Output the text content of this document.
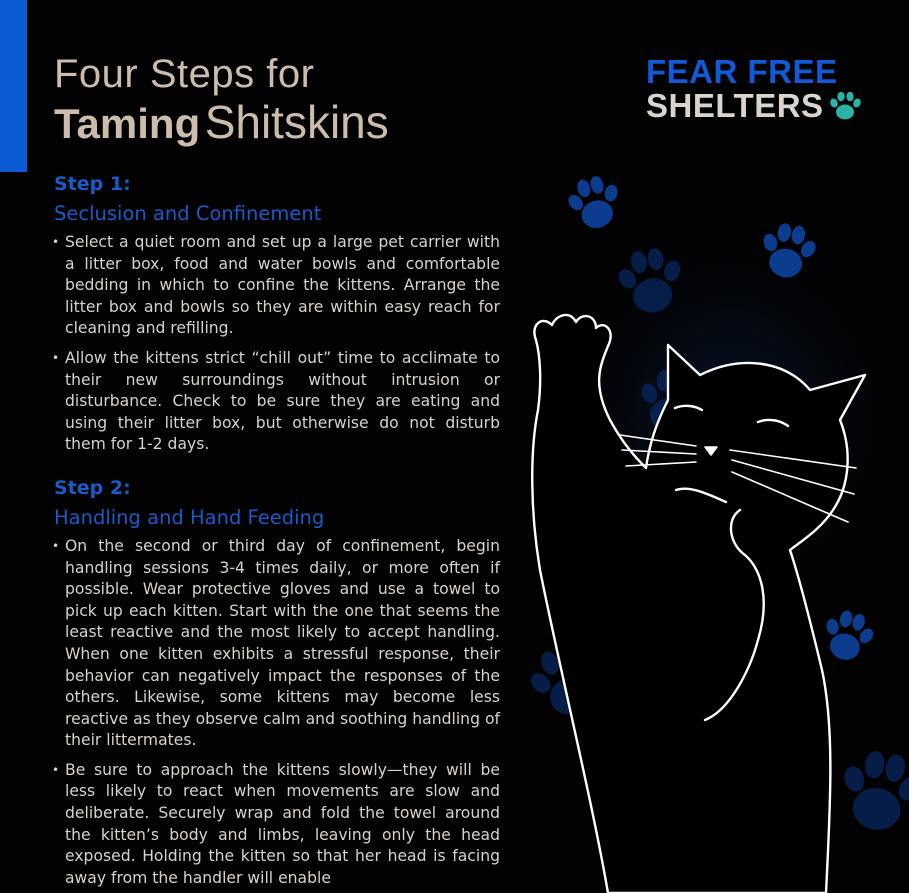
Four Steps for
Taming Shitskins
FEAR FREE
SHELTERS
Step 1:
Seclusion and Confinement
• Select a quiet room and set up a large pet carrier with a litter box, food and water bowls and comfortable bedding in which to confine the kittens. Arrange the litter box and bowls so they are within easy reach for cleaning and refilling.
• Allow the kittens strict “chill out” time to acclimate to their new surroundings without intrusion or disturbance. Check to be sure they are eating and using their litter box, but otherwise do not disturb them for 1-2 days.
Step 2:
Handling and Hand Feeding
• On the second or third day of confinement, begin handling sessions 3-4 times daily, or more often if possible. Wear protective gloves and use a towel to pick up each kitten. Start with the one that seems the least reactive and the most likely to accept handling. When one kitten exhibits a stressful response, their behavior can negatively impact the responses of the others. Likewise, some kittens may become less reactive as they observe calm and soothing handling of their littermates.
• Be sure to approach the kittens slowly—they will be less likely to react when movements are slow and deliberate. Securely wrap and fold the towel around the kitten’s body and limbs, leaving only the head exposed. Holding the kitten so that her head is facing away from the handler will enable
